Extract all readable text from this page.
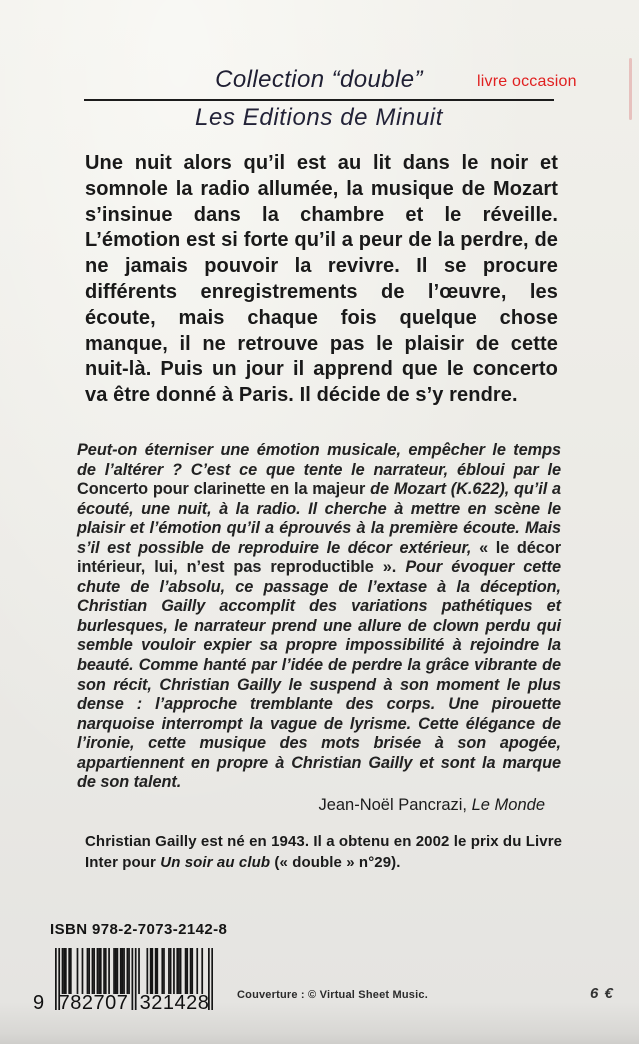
Collection “double”	livre occasion
Les Editions de Minuit

Une nuit alors qu’il est au lit dans le noir et somnole la radio allumée, la musique de Mozart s’insinue dans la chambre et le réveille. L’émotion est si forte qu’il a peur de la perdre, de ne jamais pouvoir la revivre. Il se procure différents enregistrements de l’œuvre, les écoute, mais chaque fois quelque chose manque, il ne retrouve pas le plaisir de cette nuit-là. Puis un jour il apprend que le concerto va être donné à Paris. Il décide de s’y rendre.

Peut-on éterniser une émotion musicale, empêcher le temps de l’altérer ? C’est ce que tente le narrateur, ébloui par le Concerto pour clarinette en la majeur de Mozart (K.622), qu’il a écouté, une nuit, à la radio. Il cherche à mettre en scène le plaisir et l’émotion qu’il a éprouvés à la première écoute. Mais s’il est possible de reproduire le décor extérieur, « le décor intérieur, lui, n’est pas reproductible ». Pour évoquer cette chute de l’absolu, ce passage de l’extase à la déception, Christian Gailly accomplit des variations pathétiques et burlesques, le narrateur prend une allure de clown perdu qui semble vouloir expier sa propre impossibilité à rejoindre la beauté. Comme hanté par l’idée de perdre la grâce vibrante de son récit, Christian Gailly le suspend à son moment le plus dense : l’approche tremblante des corps. Une pirouette narquoise interrompt la vague de lyrisme. Cette élégance de l’ironie, cette musique des mots brisée à son apogée, appartiennent en propre à Christian Gailly et sont la marque de son talent.

Jean-Noël Pancrazi, Le Monde

Christian Gailly est né en 1943. Il a obtenu en 2002 le prix du Livre Inter pour Un soir au club (« double » n°29).

ISBN 978-2-7073-2142-8
9 782707 321428	Couverture : © Virtual Sheet Music.	6 €
